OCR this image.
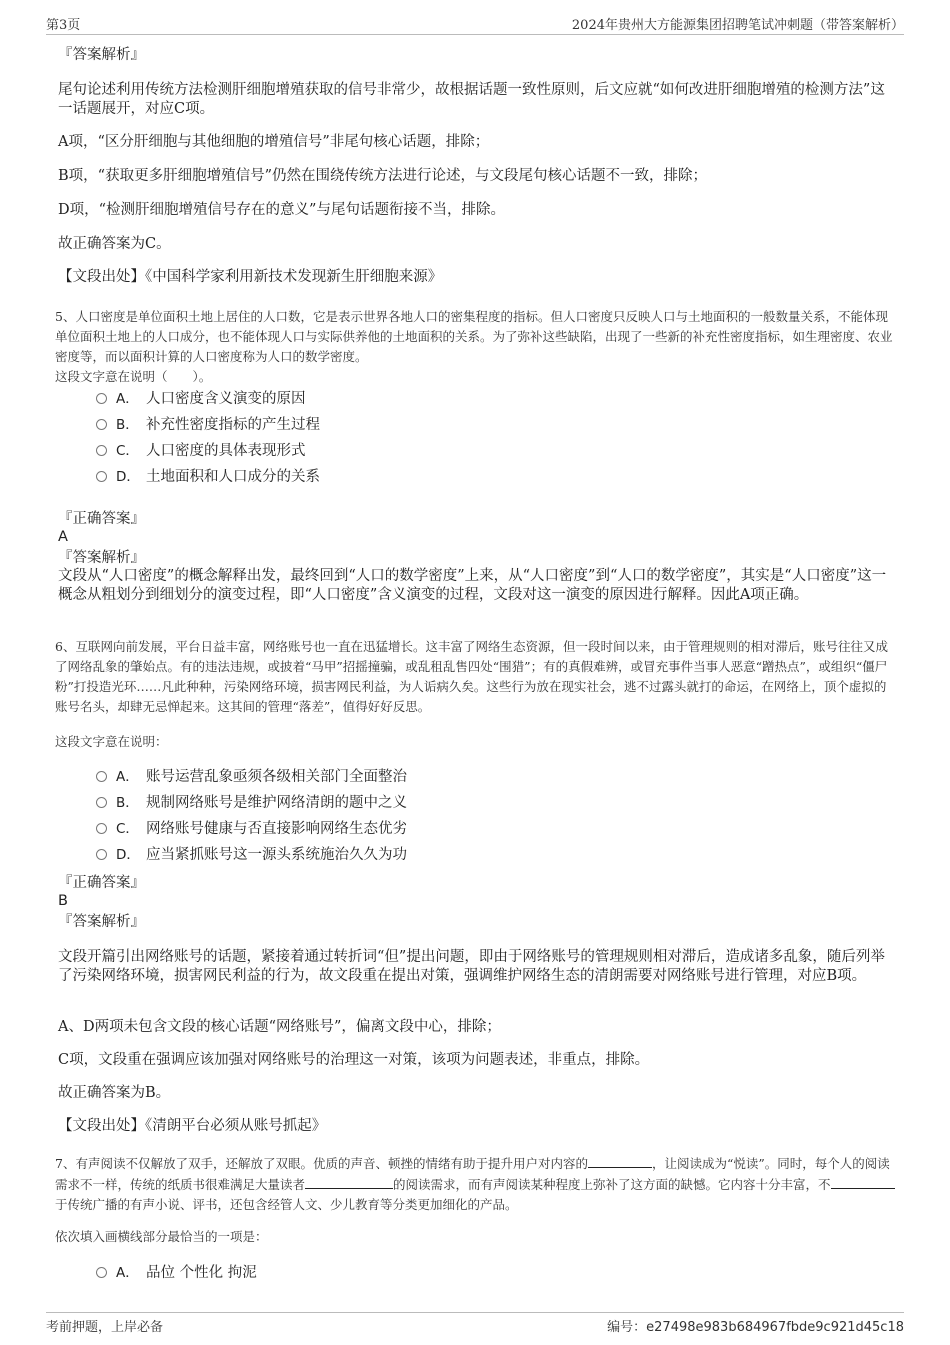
第3页	2024年贵州大方能源集团招聘笔试冲刺题（带答案解析）
『答案解析』
尾句论述利用传统方法检测肝细胞增殖获取的信号非常少，故根据话题一致性原则，后文应就“如何改进肝细胞增殖的检测方法”这一话题展开，对应C项。
A项，“区分肝细胞与其他细胞的增殖信号”非尾句核心话题，排除；
B项，“获取更多肝细胞增殖信号”仍然在围绕传统方法进行论述，与文段尾句核心话题不一致，排除；
D项，“检测肝细胞增殖信号存在的意义”与尾句话题衔接不当，排除。
故正确答案为C。
【文段出处】《中国科学家利用新技术发现新生肝细胞来源》
5、人口密度是单位面积土地上居住的人口数，它是表示世界各地人口的密集程度的指标。但人口密度只反映人口与土地面积的一般数量关系，不能体现单位面积土地上的人口成分，也不能体现人口与实际供养他的土地面积的关系。为了弥补这些缺陷，出现了一些新的补充性密度指标，如生理密度、农业密度等，而以面积计算的人口密度称为人口的数学密度。
这段文字意在说明（　　）。
A． 人口密度含义演变的原因
B． 补充性密度指标的产生过程
C． 人口密度的具体表现形式
D． 土地面积和人口成分的关系
『正确答案』
A
『答案解析』
文段从“人口密度”的概念解释出发，最终回到“人口的数学密度”上来，从“人口密度”到“人口的数学密度”，其实是“人口密度”这一概念从粗划分到细划分的演变过程，即“人口密度”含义演变的过程，文段对这一演变的原因进行解释。因此A项正确。
6、互联网向前发展，平台日益丰富，网络账号也一直在迅猛增长。这丰富了网络生态资源，但一段时间以来，由于管理规则的相对滞后，账号往往又成了网络乱象的肇始点。有的违法违规，或披着“马甲”招摇撞骗，或乱租乱售四处“围猎”；有的真假难辨，或冒充事件当事人恶意“蹭热点”，或组织“僵尸粉”打投造光环……凡此种种，污染网络环境，损害网民利益，为人诟病久矣。这些行为放在现实社会，逃不过露头就打的命运，在网络上，顶个虚拟的账号名头，却肆无忌惮起来。这其间的管理“落差”，值得好好反思。
这段文字意在说明：
A． 账号运营乱象亟须各级相关部门全面整治
B． 规制网络账号是维护网络清朗的题中之义
C． 网络账号健康与否直接影响网络生态优劣
D． 应当紧抓账号这一源头系统施治久久为功
『正确答案』
B
『答案解析』
文段开篇引出网络账号的话题，紧接着通过转折词“但”提出问题，即由于网络账号的管理规则相对滞后，造成诸多乱象，随后列举了污染网络环境，损害网民利益的行为，故文段重在提出对策，强调维护网络生态的清朗需要对网络账号进行管理，对应B项。
A、D两项未包含文段的核心话题“网络账号”，偏离文段中心，排除；
C项，文段重在强调应该加强对网络账号的治理这一对策，该项为问题表述，非重点，排除。
故正确答案为B。
【文段出处】《清朗平台必须从账号抓起》
7、有声阅读不仅解放了双手，还解放了双眼。优质的声音、顿挫的情绪有助于提升用户对内容的	，让阅读成为“悦读”。同时，每个人的阅读需求不一样，传统的纸质书很难满足大量读者	的阅读需求，而有声阅读某种程度上弥补了这方面的缺憾。它内容十分丰富，不于传统广播的有声小说、评书，还包含经管人文、少儿教育等分类更加细化的产品。
依次填入画横线部分最恰当的一项是：
A． 品位 个性化 拘泥
考前押题，上岸必备	编号：e27498e983b684967fbde9c921d45c18
